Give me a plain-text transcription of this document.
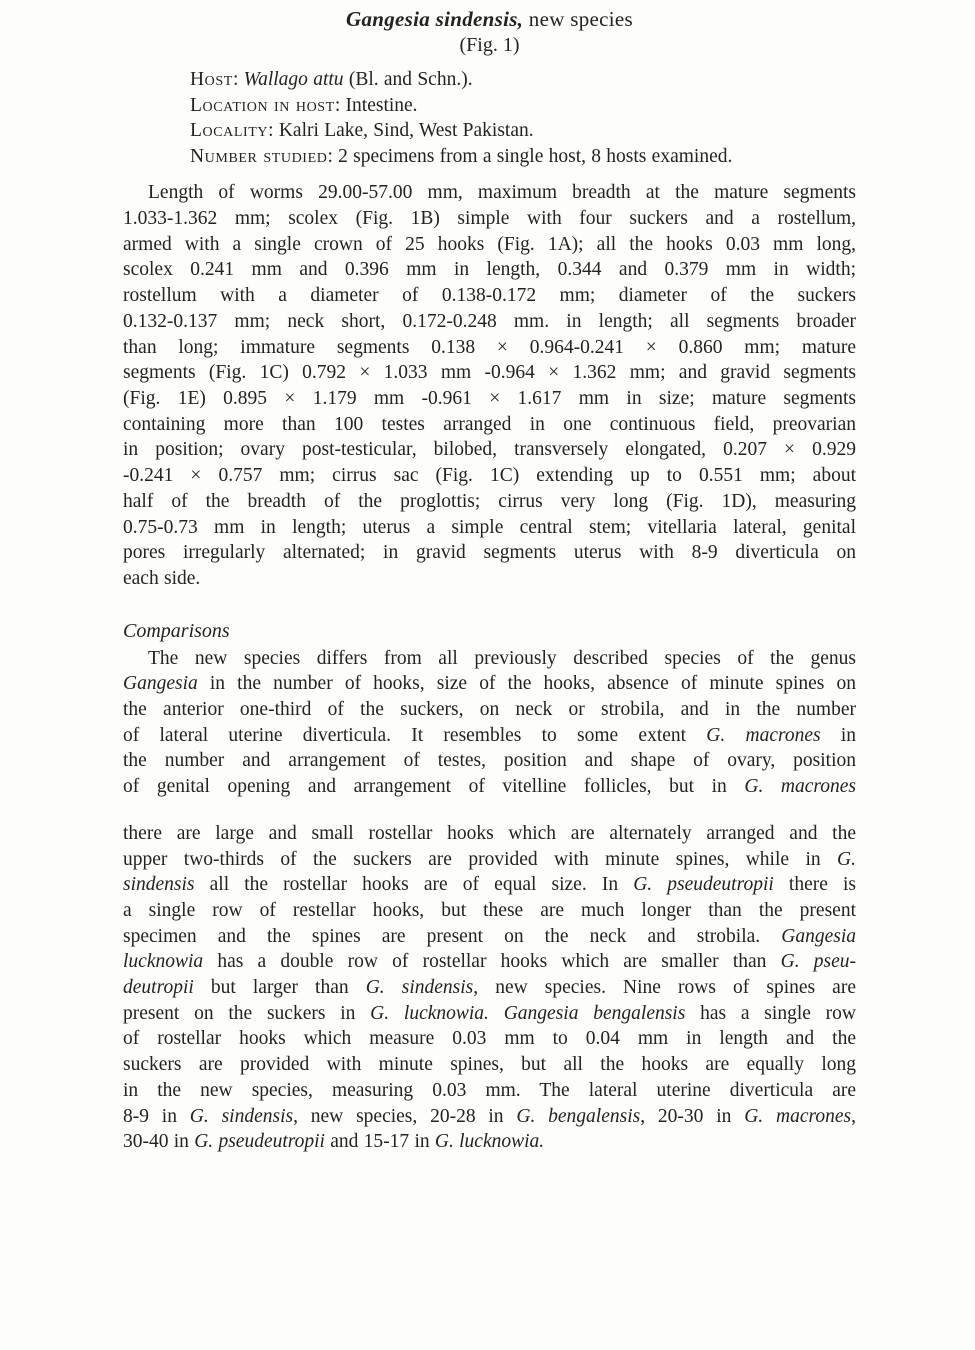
Gangesia sindensis, new species
(Fig. 1)
Host: Wallago attu (Bl. and Schn.).
Location in host: Intestine.
Locality: Kalri Lake, Sind, West Pakistan.
Number studied: 2 specimens from a single host, 8 hosts examined.
Length of worms 29.00-57.00 mm, maximum breadth at the mature segments
1.033-1.362 mm; scolex (Fig. 1B) simple with four suckers and a rostellum,
armed with a single crown of 25 hooks (Fig. 1A); all the hooks 0.03 mm long,
scolex 0.241 mm and 0.396 mm in length, 0.344 and 0.379 mm in width;
rostellum with a diameter of 0.138-0.172 mm; diameter of the suckers
0.132-0.137 mm; neck short, 0.172-0.248 mm. in length; all segments broader
than long; immature segments 0.138 × 0.964-0.241 × 0.860 mm; mature
segments (Fig. 1C) 0.792 × 1.033 mm -0.964 × 1.362 mm; and gravid segments
(Fig. 1E) 0.895 × 1.179 mm -0.961 × 1.617 mm in size; mature segments
containing more than 100 testes arranged in one continuous field, preovarian
in position; ovary post-testicular, bilobed, transversely elongated, 0.207 × 0.929
-0.241 × 0.757 mm; cirrus sac (Fig. 1C) extending up to 0.551 mm; about
half of the breadth of the proglottis; cirrus very long (Fig. 1D), measuring
0.75-0.73 mm in length; uterus a simple central stem; vitellaria lateral, genital
pores irregularly alternated; in gravid segments uterus with 8-9 diverticula on
each side.
Comparisons
The new species differs from all previously described species of the genus
Gangesia in the number of hooks, size of the hooks, absence of minute spines on
the anterior one-third of the suckers, on neck or strobila, and in the number
of lateral uterine diverticula. It resembles to some extent G. macrones in
the number and arrangement of testes, position and shape of ovary, position
of genital opening and arrangement of vitelline follicles, but in G. macrones
there are large and small rostellar hooks which are alternately arranged and the
upper two-thirds of the suckers are provided with minute spines, while in G.
sindensis all the rostellar hooks are of equal size. In G. pseudeutropii there is
a single row of restellar hooks, but these are much longer than the present
specimen and the spines are present on the neck and strobila. Gangesia
lucknowia has a double row of rostellar hooks which are smaller than G. pseu-
deutropii but larger than G. sindensis, new species. Nine rows of spines are
present on the suckers in G. lucknowia. Gangesia bengalensis has a single row
of rostellar hooks which measure 0.03 mm to 0.04 mm in length and the
suckers are provided with minute spines, but all the hooks are equally long
in the new species, measuring 0.03 mm. The lateral uterine diverticula are
8-9 in G. sindensis, new species, 20-28 in G. bengalensis, 20-30 in G. macrones,
30-40 in G. pseudeutropii and 15-17 in G. lucknowia.
